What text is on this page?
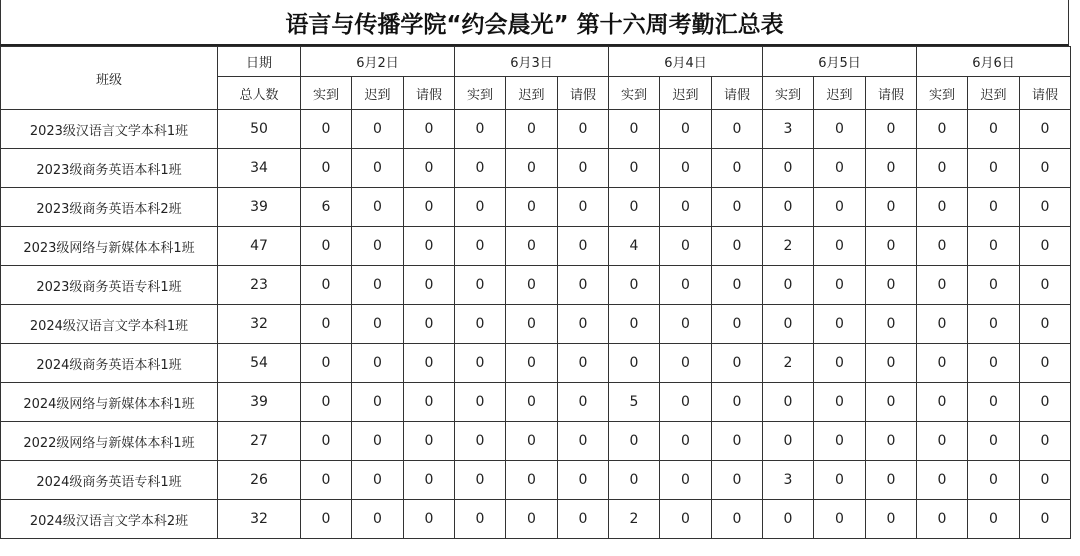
语言与传播学院“约会晨光” 第十六周考勤汇总表
班级	日期	6月2日			6月3日			6月4日			6月5日			6月6日		
	总人数	实到	迟到	请假	实到	迟到	请假	实到	迟到	请假	实到	迟到	请假	实到	迟到	请假
2023级汉语言文学本科1班	50	0	0	0	0	0	0	0	0	0	3	0	0	0	0	0
2023级商务英语本科1班	34	0	0	0	0	0	0	0	0	0	0	0	0	0	0	0
2023级商务英语本科2班	39	6	0	0	0	0	0	0	0	0	0	0	0	0	0	0
2023级网络与新媒体本科1班	47	0	0	0	0	0	0	4	0	0	2	0	0	0	0	0
2023级商务英语专科1班	23	0	0	0	0	0	0	0	0	0	0	0	0	0	0	0
2024级汉语言文学本科1班	32	0	0	0	0	0	0	0	0	0	0	0	0	0	0	0
2024级商务英语本科1班	54	0	0	0	0	0	0	0	0	0	2	0	0	0	0	0
2024级网络与新媒体本科1班	39	0	0	0	0	0	0	5	0	0	0	0	0	0	0	0
2022级网络与新媒体本科1班	27	0	0	0	0	0	0	0	0	0	0	0	0	0	0	0
2024级商务英语专科1班	26	0	0	0	0	0	0	0	0	0	3	0	0	0	0	0
2024级汉语言文学本科2班	32	0	0	0	0	0	0	2	0	0	0	0	0	0	0	0
